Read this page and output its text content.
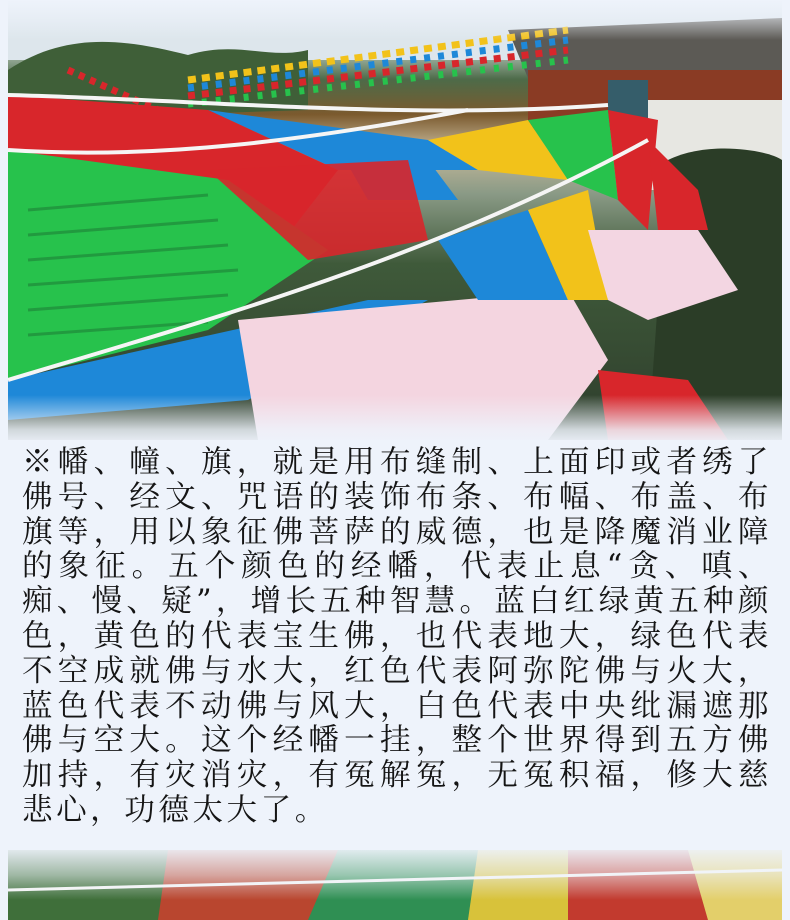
※幡、幢、旗，就是用布缝制、上面印或者绣了佛号、经文、咒语的装饰布条、布幅、布盖、布旗等，用以象征佛菩萨的威德，也是降魔消业障的象征。五个颜色的经幡，代表止息“贪、嗔、痴、慢、疑”，增长五种智慧。蓝白红绿黄五种颜色，黄色的代表宝生佛，也代表地大，绿色代表不空成就佛与水大，红色代表阿弥陀佛与火大，蓝色代表不动佛与风大，白色代表中央纰漏遮那佛与空大。这个经幡一挂，整个世界得到五方佛加持，有灾消灾，有冤解冤，无冤积福，修大慈悲心，功德太大了。
